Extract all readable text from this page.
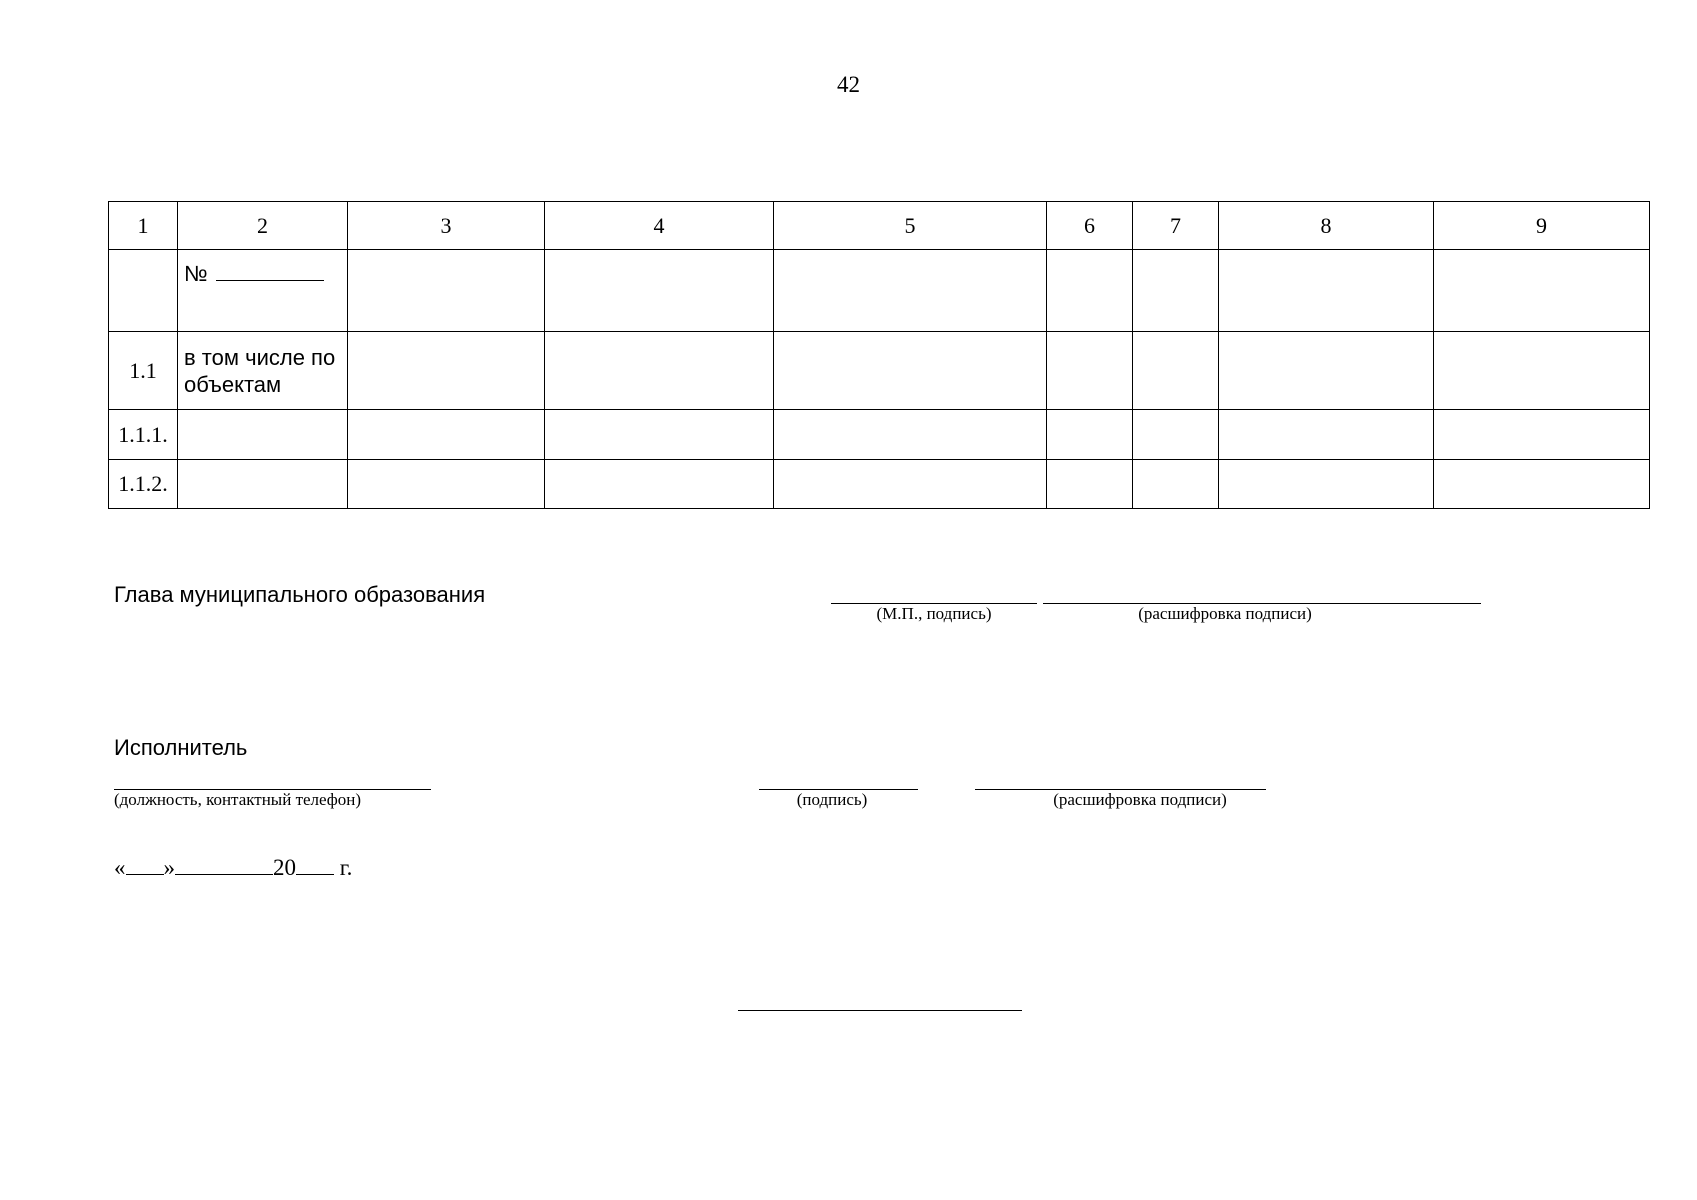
42
1	2	3	4	5	6	7	8	9
	№							
1.1	в том числе по объектам							
1.1.1.								
1.1.2.								
Глава муниципального образования
(М.П., подпись)	(расшифровка подписи)
Исполнитель
(должность, контактный телефон)	(подпись)	(расшифровка подписи)
« »	20 г.
